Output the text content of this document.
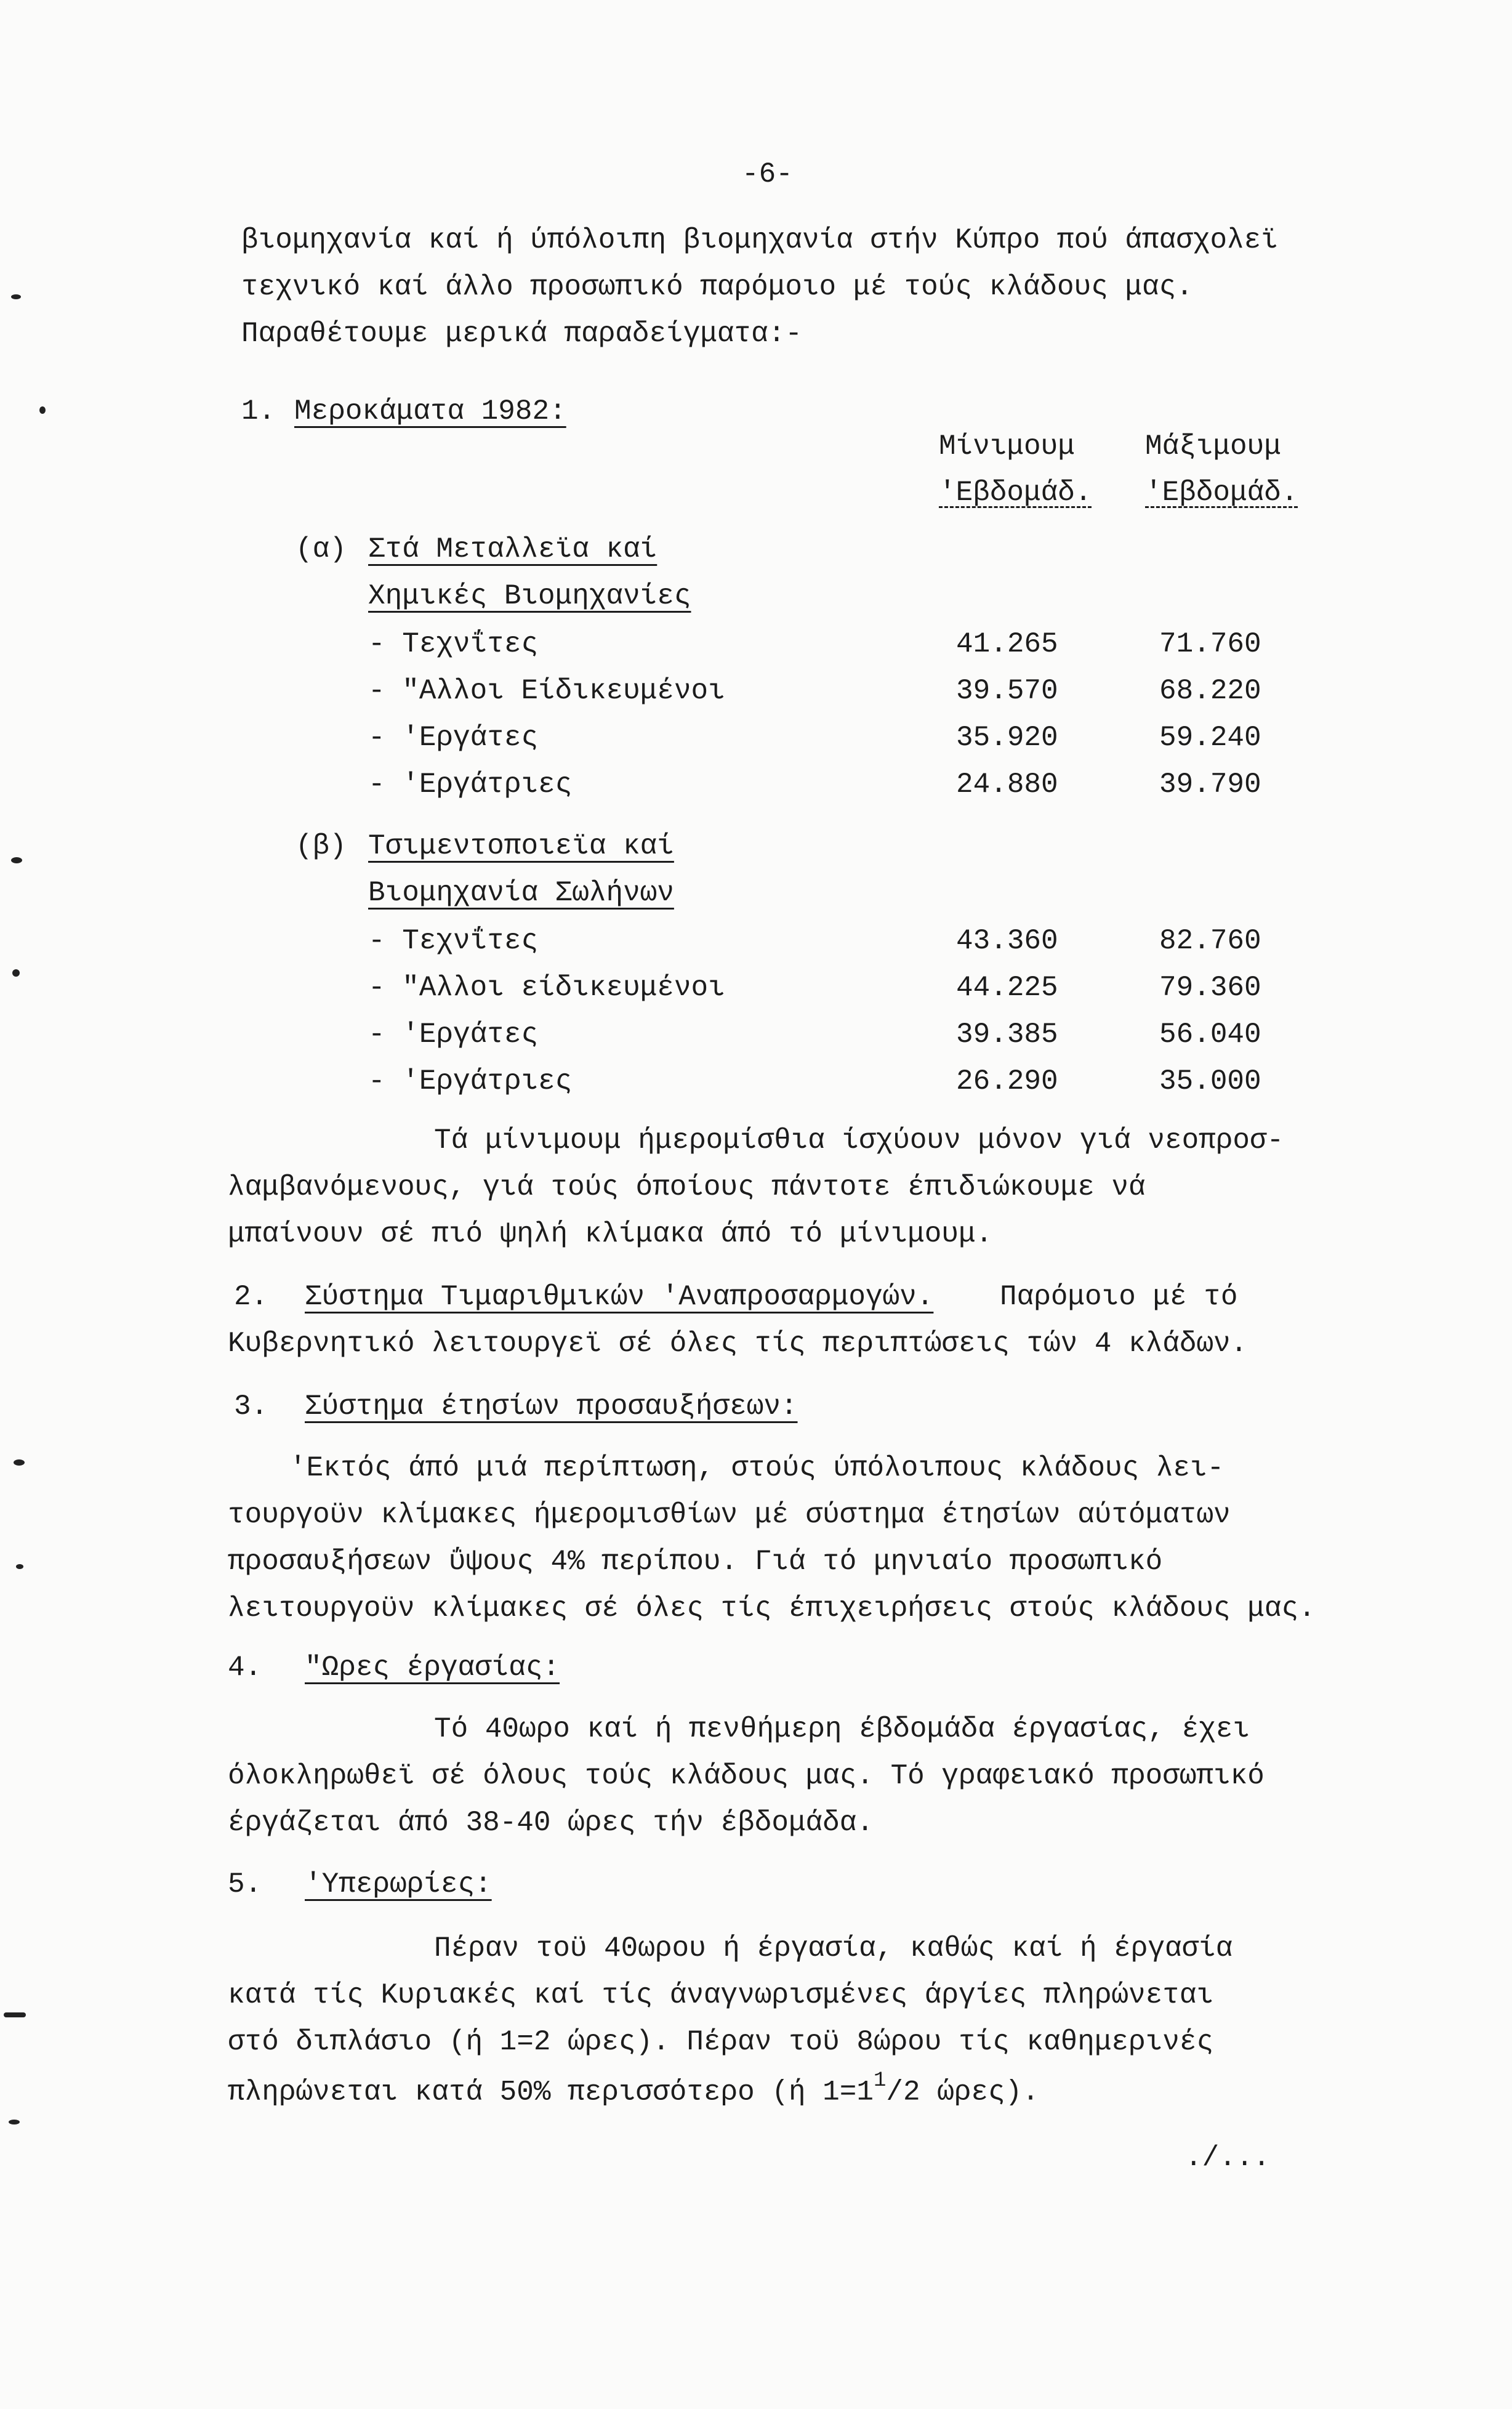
-6-
βιομηχανία καί ή ύπόλοιπη βιομηχανία στήν Κύπρο πού άπασχολεϊ
τεχνικό καί άλλο προσωπικό παρόμοιο μέ τούς κλάδους μας.
Παραθέτουμε μερικά παραδείγματα:-
1. Μεροκάματα 1982:
Μίνιμουμ
'Εβδομάδ.
Μάξιμουμ
'Εβδομάδ.
(α) Στά Μεταλλεϊα καί
Χημικές Βιομηχανίες
- Τεχνΐτες	41.265	71.760
- "Αλλοι Είδικευμένοι	39.570	68.220
- 'Εργάτες	35.920	59.240
- 'Εργάτριες	24.880	39.790
(β) Τσιμεντοποιεϊα καί
Βιομηχανία Σωλήνων
- Τεχνΐτες	43.360	82.760
- "Αλλοι είδικευμένοι	44.225	79.360
- 'Εργάτες	39.385	56.040
- 'Εργάτριες	26.290	35.000
Τά μίνιμουμ ήμερομίσθια ίσχύουν μόνον γιά νεοπροσ-
λαμβανόμενους, γιά τούς όποίους πάντοτε έπιδιώκουμε νά
μπαίνουν σέ πιό ψηλή κλίμακα άπό τό μίνιμουμ.
2. Σύστημα Τιμαριθμικών 'Αναπροσαρμογών. Παρόμοιο μέ τό
Κυβερνητικό λειτουργεϊ σέ όλες τίς περιπτώσεις τών 4 κλάδων.
3. Σύστημα έτησίων προσαυξήσεων:
'Εκτός άπό μιά περίπτωση, στούς ύπόλοιπους κλάδους λει-
τουργοϋν κλίμακες ήμερομισθίων μέ σύστημα έτησίων αύτόματων
προσαυξήσεων ΰψους 4% περίπου. Γιά τό μηνιαίο προσωπικό
λειτουργοϋν κλίμακες σέ όλες τίς έπιχειρήσεις στούς κλάδους μας.
4. "Ωρες έργασίας:
Τό 40ωρο καί ή πενθήμερη έβδομάδα έργασίας, έχει
όλοκληρωθεϊ σέ όλους τούς κλάδους μας. Τό γραφειακό προσωπικό
έργάζεται άπό 38-40 ώρες τήν έβδομάδα.
5. 'Υπερωρίες:
Πέραν τοϋ 40ωρου ή έργασία, καθώς καί ή έργασία
κατά τίς Κυριακές καί τίς άναγνωρισμένες άργίες πληρώνεται
στό διπλάσιο (ή 1=2 ώρες). Πέραν τοϋ 8ώρου τίς καθημερινές
πληρώνεται κατά 50% περισσότερο (ή $1=1^1/2$ ώρες).
./...
